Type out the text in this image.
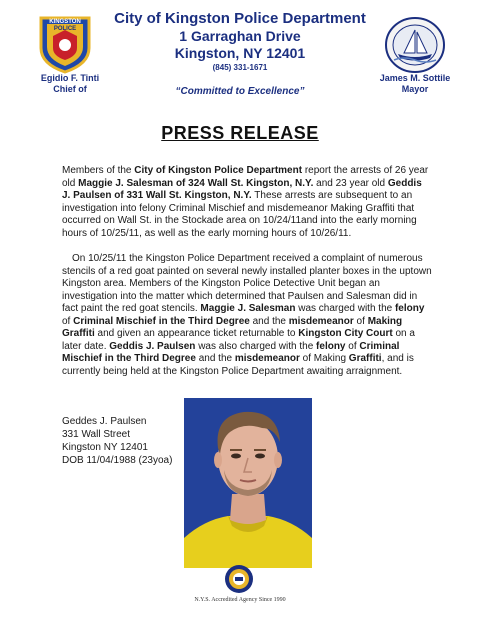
KINGSTON
POLICE
City of Kingston Police Department
1 Garraghan Drive
Kingston, NY 12401
(845) 331-1671
Egidio F. Tinti
Chief of
James M. Sottile
Mayor
“Committed to Excellence”
PRESS RELEASE
Members of the City of Kingston Police Department report the arrests of 26 year old Maggie J. Salesman of 324 Wall St. Kingston, N.Y. and 23 year old Geddis J. Paulsen of 331 Wall St. Kingston, N.Y. These arrests are subsequent to an investigation into felony Criminal Mischief and misdemeanor Making Graffiti that occurred on Wall St. in the Stockade area on 10/24/11and into the early morning hours of 10/25/11, as well as the early morning hours of 10/26/11.
On 10/25/11 the Kingston Police Department received a complaint of numerous stencils of a red goat painted on several newly installed planter boxes in the uptown Kingston area. Members of the Kingston Police Detective Unit began an investigation into the matter which determined that Paulsen and Salesman did in fact paint the red goat stencils. Maggie J. Salesman was charged with the felony of Criminal Mischief in the Third Degree and the misdemeanor of Making Graffiti and given an appearance ticket returnable to Kingston City Court on a later date. Geddis J. Paulsen was also charged with the felony of Criminal Mischief in the Third Degree and the misdemeanor of Making Graffiti, and is currently being held at the Kingston Police Department awaiting arraignment.
Geddes J. Paulsen
331 Wall Street
Kingston NY 12401
DOB 11/04/1988 (23yoa)
N.Y.S. Accredited Agency Since 1990
